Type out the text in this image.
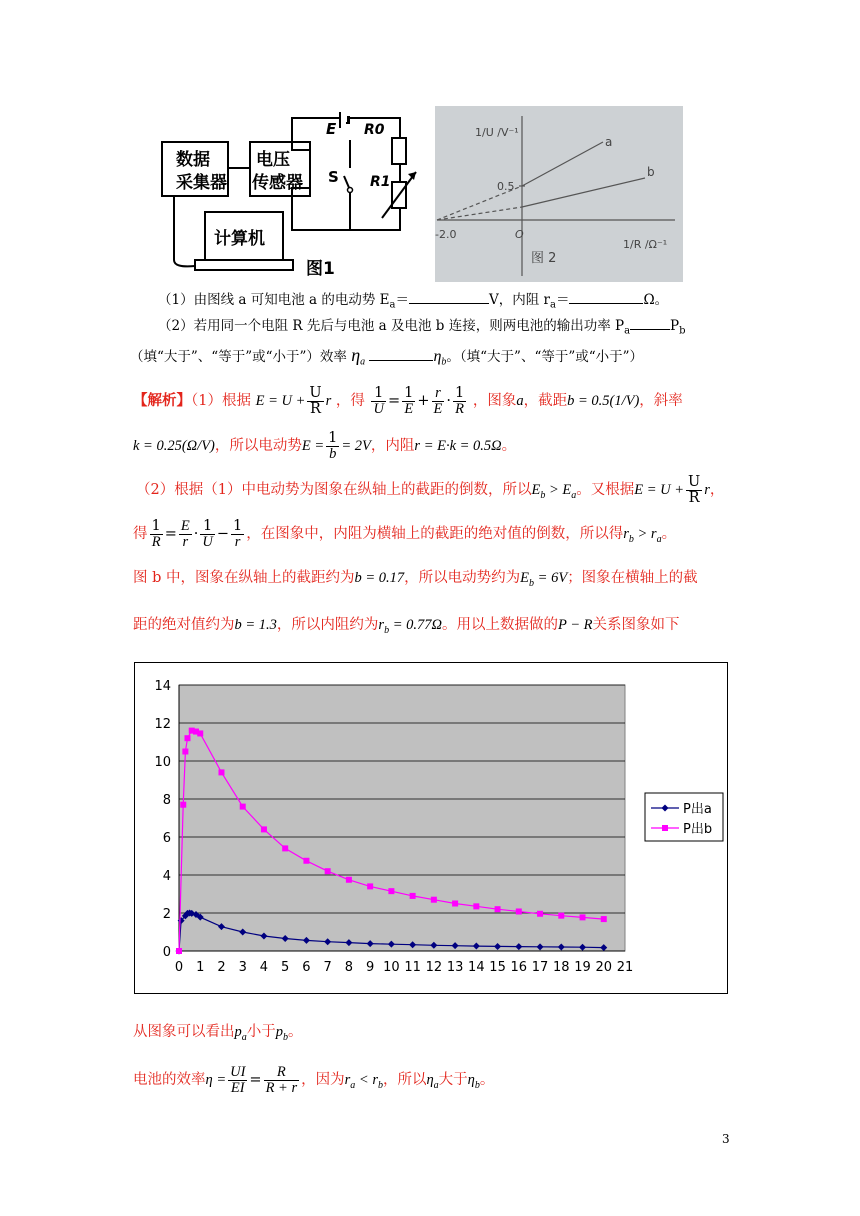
数据
采集器
电压
传感器
计算机
E R0
S R1
图1
1/U /V⁻¹
0.5
-2.0	O
a
b
图 2
1/R /Ω⁻¹
（1）由图线 a 可知电池 a 的电动势 $E_a=$	V，内阻 $r_a=$	Ω。
（2）若用同一个电阻 R 先后与电池 a 及电池 b 连接，则两电池的输出功率 $P_a$	$P_b$
（填“大于”、“等于”或“小于”）效率 $\eta_a$	$\eta_b$。（填“大于”、“等于”或“小于”）
【解析】（1）根据 $E = U + \frac{U}{R}$ r ，得 $\frac{1}{U} = \frac{1}{E} + \frac{r}{E} \cdot \frac{1}{R}$ ，图象a，截距b = 0.5(1/V)，斜率
k = 0.25(Ω/V)，所以电动势$E = \frac{1}{b} = 2V$，内阻r = E·k = 0.5Ω。
（2）根据（1）中电动势为图象在纵轴上的截距的倒数，所以$E_b > E_a$。又根据$E = U + \frac{U}{R}$ r，
得 $\frac{1}{R} = \frac{E}{r} \cdot \frac{1}{U} - \frac{1}{r}$ ，在图象中，内阻为横轴上的截距的绝对值的倒数，所以得$r_b > r_a$。
图 b 中，图象在纵轴上的截距约为b = 0.17，所以电动势约为$E_b = 6V$；图象在横轴上的截
距的绝对值约为b = 1.3，所以内阻约为$r_b = 0.77\Omega$。用以上数据做的P − R关系图象如下
0
2
4
6
8
10
12
14
0 1 2 3 4 5 6 7 8 9 10 11 12 13 14 15 16 17 18 19 20 21
P出a
P出b
从图象可以看出$p_a$小于$p_b$。
电池的效率$\eta = \frac{UI}{EI} = \frac{R}{R + r}$ ，因为$r_a < r_b$，所以$\eta_a$大于$\eta_b$。
3
